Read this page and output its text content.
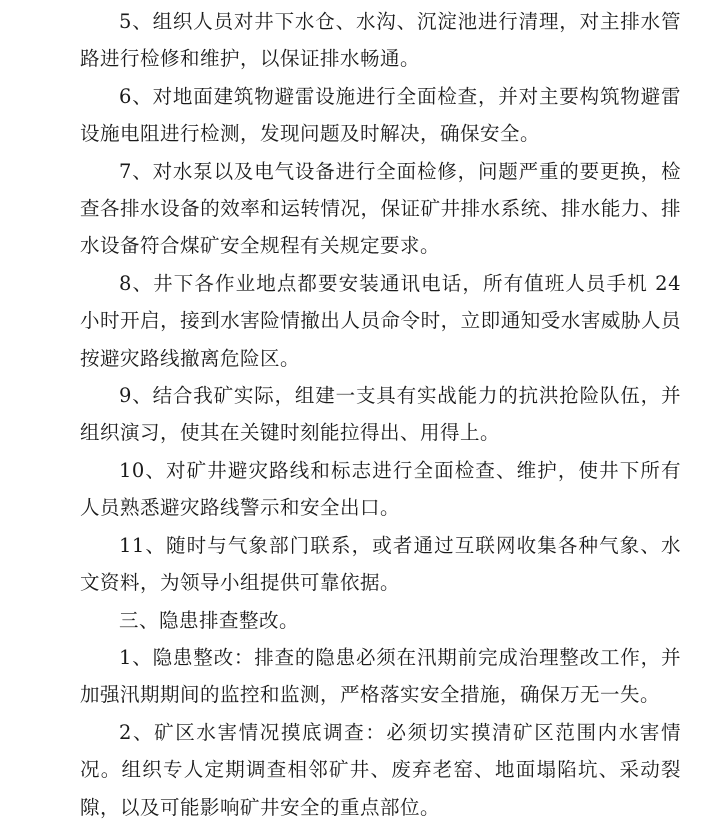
5、组织人员对井下水仓、水沟、沉淀池进行清理，对主排水管路进行检修和维护，以保证排水畅通。

6、对地面建筑物避雷设施进行全面检查，并对主要构筑物避雷设施电阻进行检测，发现问题及时解决，确保安全。

7、对水泵以及电气设备进行全面检修，问题严重的要更换，检查各排水设备的效率和运转情况，保证矿井排水系统、排水能力、排水设备符合煤矿安全规程有关规定要求。

8、井下各作业地点都要安装通讯电话，所有值班人员手机 24 小时开启，接到水害险情撤出人员命令时，立即通知受水害威胁人员按避灾路线撤离危险区。

9、结合我矿实际，组建一支具有实战能力的抗洪抢险队伍，并组织演习，使其在关键时刻能拉得出、用得上。

10、对矿井避灾路线和标志进行全面检查、维护，使井下所有人员熟悉避灾路线警示和安全出口。

11、随时与气象部门联系，或者通过互联网收集各种气象、水文资料，为领导小组提供可靠依据。

三、隐患排查整改。

1、隐患整改：排查的隐患必须在汛期前完成治理整改工作，并加强汛期期间的监控和监测，严格落实安全措施，确保万无一失。

2、矿区水害情况摸底调查：必须切实摸清矿区范围内水害情况。组织专人定期调查相邻矿井、废弃老窑、地面塌陷坑、采动裂隙，以及可能影响矿井安全的重点部位。
